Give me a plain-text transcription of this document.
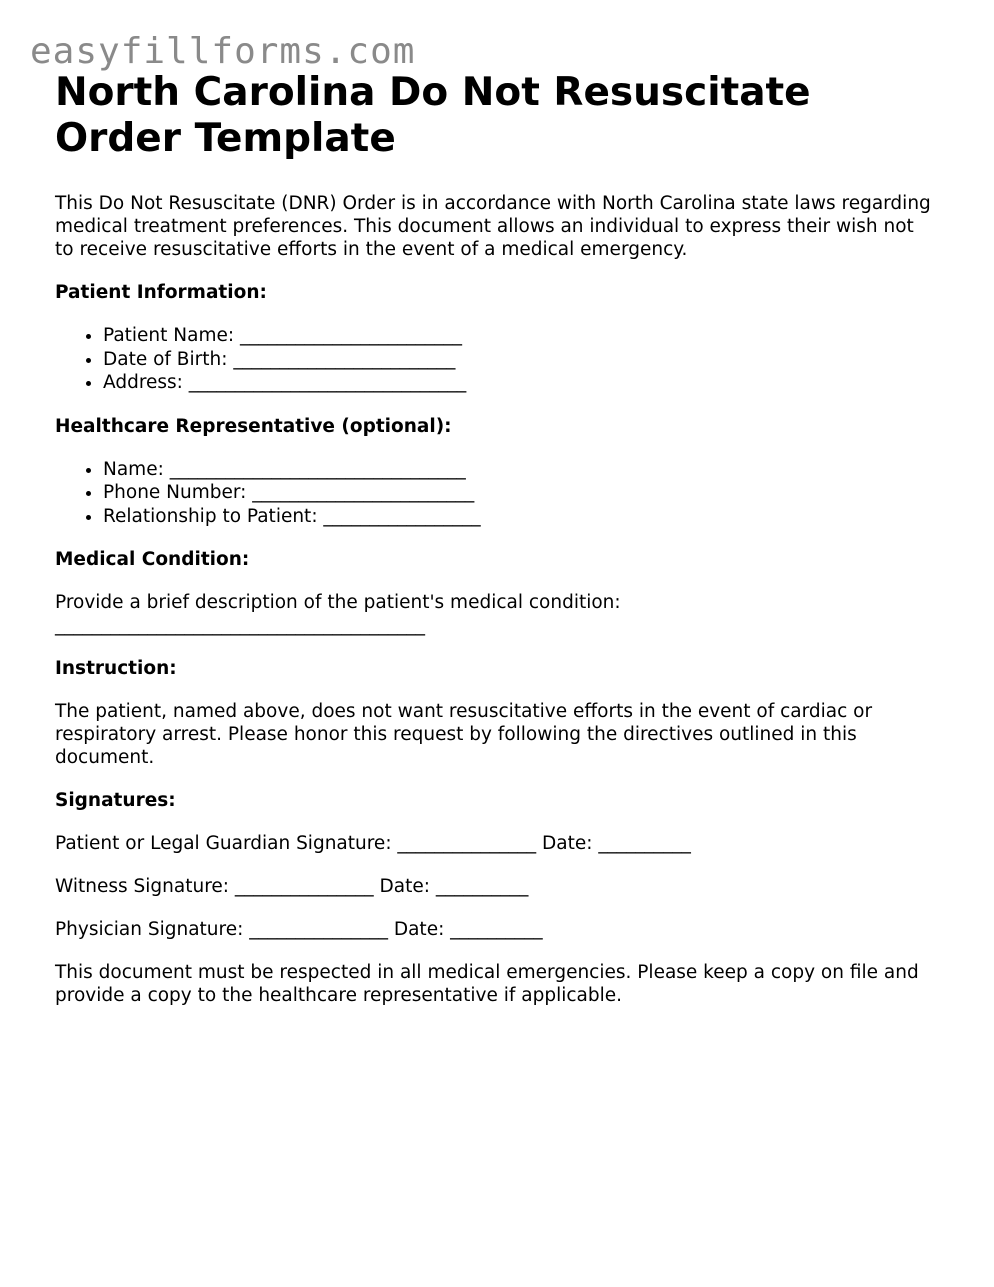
easyfillforms.com
North Carolina Do Not Resuscitate Order Template

This Do Not Resuscitate (DNR) Order is in accordance with North Carolina state laws regarding medical treatment preferences. This document allows an individual to express their wish not to receive resuscitative efforts in the event of a medical emergency.

Patient Information:
• Patient Name: ________________________
• Date of Birth: ________________________
• Address: ______________________________
Healthcare Representative (optional):
• Name: ________________________________
• Phone Number: ________________________
• Relationship to Patient: _________________
Medical Condition:

Provide a brief description of the patient's medical condition: ________________________________________

Instruction:

The patient, named above, does not want resuscitative efforts in the event of cardiac or respiratory arrest. Please honor this request by following the directives outlined in this document.

Signatures:

Patient or Legal Guardian Signature: _______________ Date: __________

Witness Signature: _______________ Date: __________

Physician Signature: _______________ Date: __________

This document must be respected in all medical emergencies. Please keep a copy on file and provide a copy to the healthcare representative if applicable.
